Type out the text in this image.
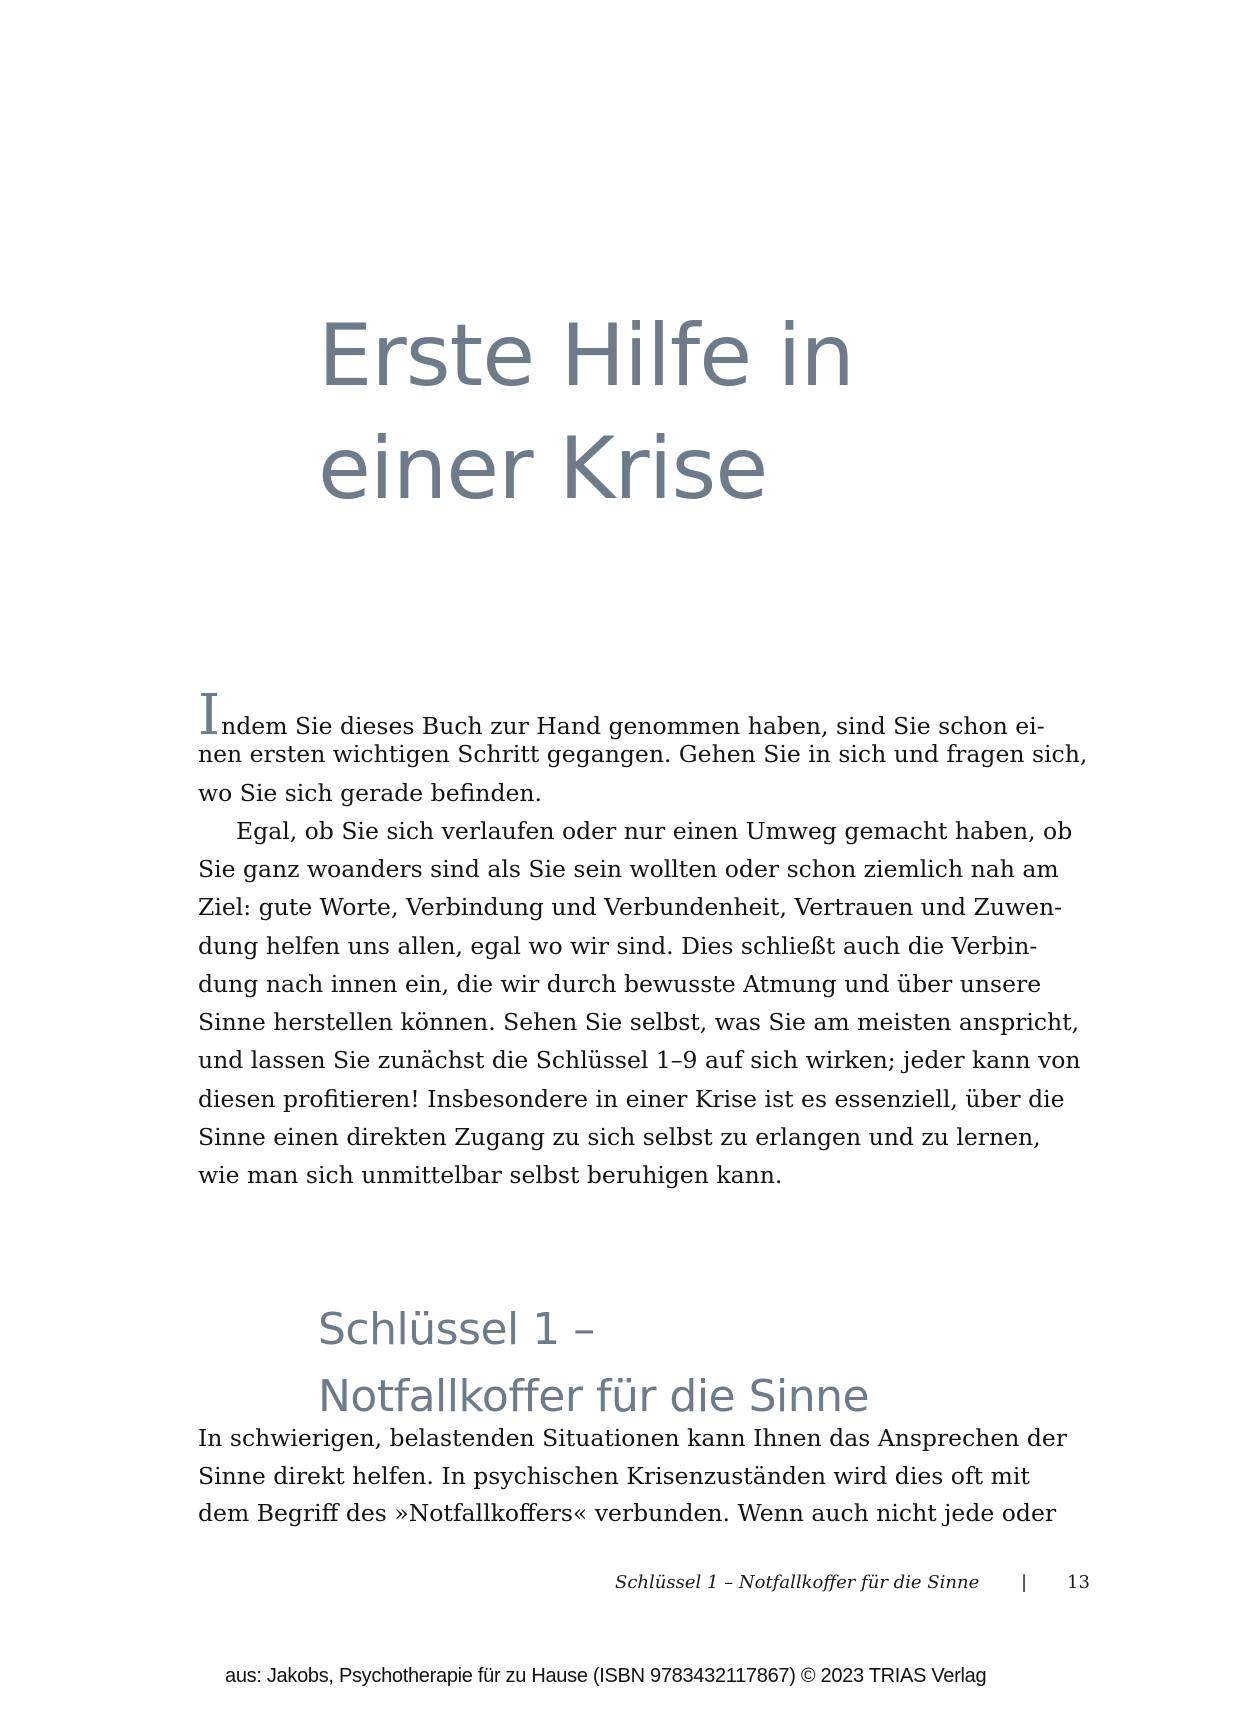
Erste Hilfe in
einer Krise
Indem Sie dieses Buch zur Hand genommen haben, sind Sie schon ei-
nen ersten wichtigen Schritt gegangen. Gehen Sie in sich und fragen sich,
wo Sie sich gerade befinden.
Egal, ob Sie sich verlaufen oder nur einen Umweg gemacht haben, ob
Sie ganz woanders sind als Sie sein wollten oder schon ziemlich nah am
Ziel: gute Worte, Verbindung und Verbundenheit, Vertrauen und Zuwen-
dung helfen uns allen, egal wo wir sind. Dies schließt auch die Verbin-
dung nach innen ein, die wir durch bewusste Atmung und über unsere
Sinne herstellen können. Sehen Sie selbst, was Sie am meisten anspricht,
und lassen Sie zunächst die Schlüssel 1–9 auf sich wirken; jeder kann von
diesen profitieren! Insbesondere in einer Krise ist es essenziell, über die
Sinne einen direkten Zugang zu sich selbst zu erlangen und zu lernen,
wie man sich unmittelbar selbst beruhigen kann.
Schlüssel 1 –
Notfallkoffer für die Sinne
In schwierigen, belastenden Situationen kann Ihnen das Ansprechen der
Sinne direkt helfen. In psychischen Krisenzuständen wird dies oft mit
dem Begriff des »Notfallkoffers« verbunden. Wenn auch nicht jede oder
Schlüssel 1 – Notfallkoffer für die Sinne | 13
aus: Jakobs, Psychotherapie für zu Hause (ISBN 9783432117867) © 2023 TRIAS Verlag
